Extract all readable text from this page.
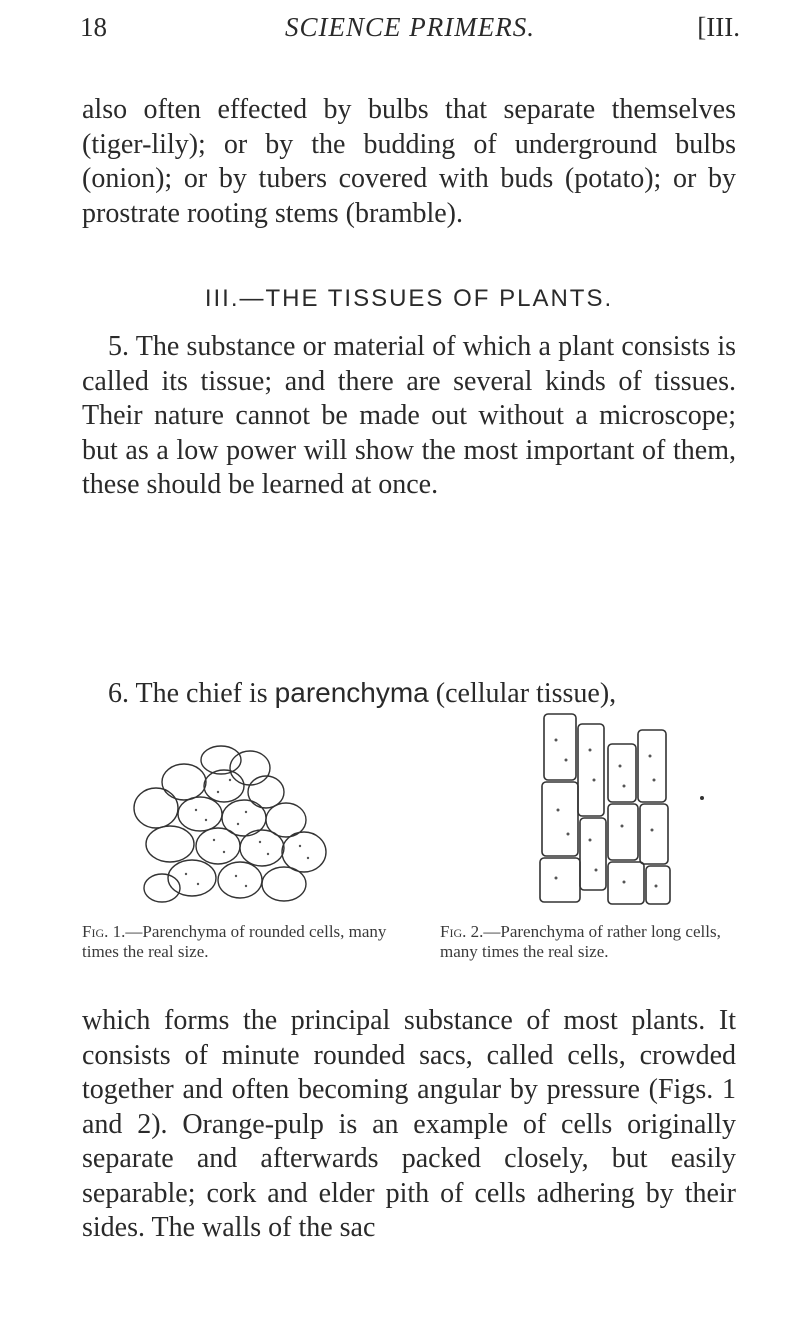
18	SCIENCE PRIMERS.	[III.

also often effected by bulbs that separate themselves (tiger-lily); or by the budding of underground bulbs (onion); or by tubers covered with buds (potato); or by prostrate rooting stems (bramble).

III.—THE TISSUES OF PLANTS.

5. The substance or material of which a plant consists is called its tissue; and there are several kinds of tissues. Their nature cannot be made out without a microscope; but as a low power will show the most important of them, these should be learned at once.

6. The chief is parenchyma (cellular tissue),

Fig. 1.—Parenchyma of rounded cells, many times the real size.
Fig. 2.—Parenchyma of rather long cells, many times the real size.

which forms the principal substance of most plants. It consists of minute rounded sacs, called cells, crowded together and often becoming angular by pressure (Figs. 1 and 2). Orange-pulp is an example of cells originally separate and afterwards packed closely, but easily separable; cork and elder pith of cells adhering by their sides. The walls of the sac
